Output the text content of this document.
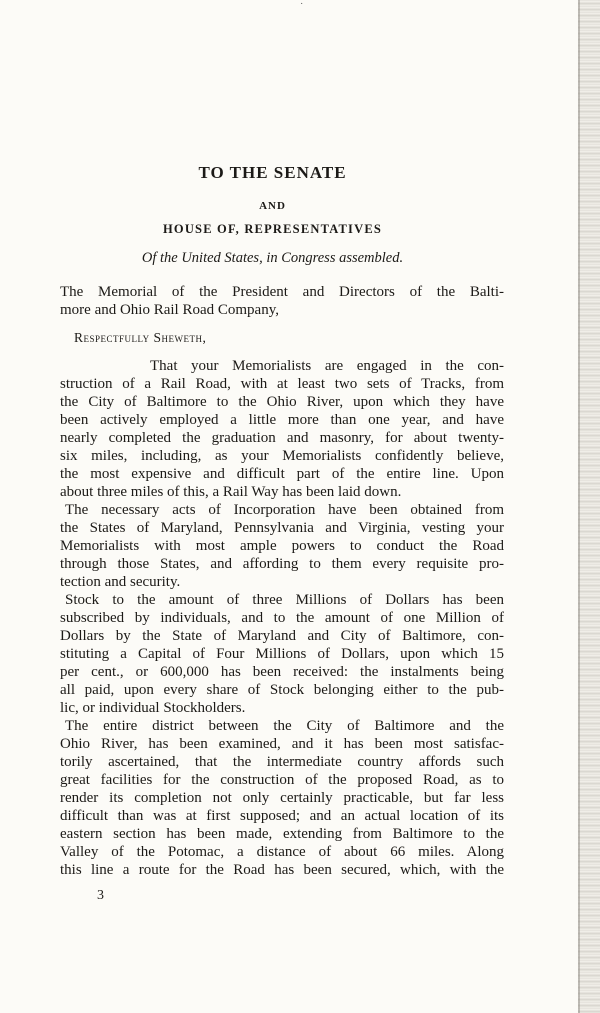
˙
TO THE SENATE
AND
HOUSE OF, REPRESENTATIVES
Of the United States, in Congress assembled.
The Memorial of the President and Directors of the Balti-
more and Ohio Rail Road Company,
Respectfully Sheweth,
That your Memorialists are engaged in the con-
struction of a Rail Road, with at least two sets of Tracks, from
the City of Baltimore to the Ohio River, upon which they have
been actively employed a little more than one year, and have
nearly completed the graduation and masonry, for about twenty-
six miles, including, as your Memorialists confidently believe,
the most expensive and difficult part of the entire line. Upon
about three miles of this, a Rail Way has been laid down.
The necessary acts of Incorporation have been obtained from
the States of Maryland, Pennsylvania and Virginia, vesting your
Memorialists with most ample powers to conduct the Road
through those States, and affording to them every requisite pro-
tection and security.
Stock to the amount of three Millions of Dollars has been
subscribed by individuals, and to the amount of one Million of
Dollars by the State of Maryland and City of Baltimore, con-
stituting a Capital of Four Millions of Dollars, upon which 15
per cent., or 600,000 has been received: the instalments being
all paid, upon every share of Stock belonging either to the pub-
lic, or individual Stockholders.
The entire district between the City of Baltimore and the
Ohio River, has been examined, and it has been most satisfac-
torily ascertained, that the intermediate country affords such
great facilities for the construction of the proposed Road, as to
render its completion not only certainly practicable, but far less
difficult than was at first supposed; and an actual location of its
eastern section has been made, extending from Baltimore to the
Valley of the Potomac, a distance of about 66 miles. Along
this line a route for the Road has been secured, which, with the
3
